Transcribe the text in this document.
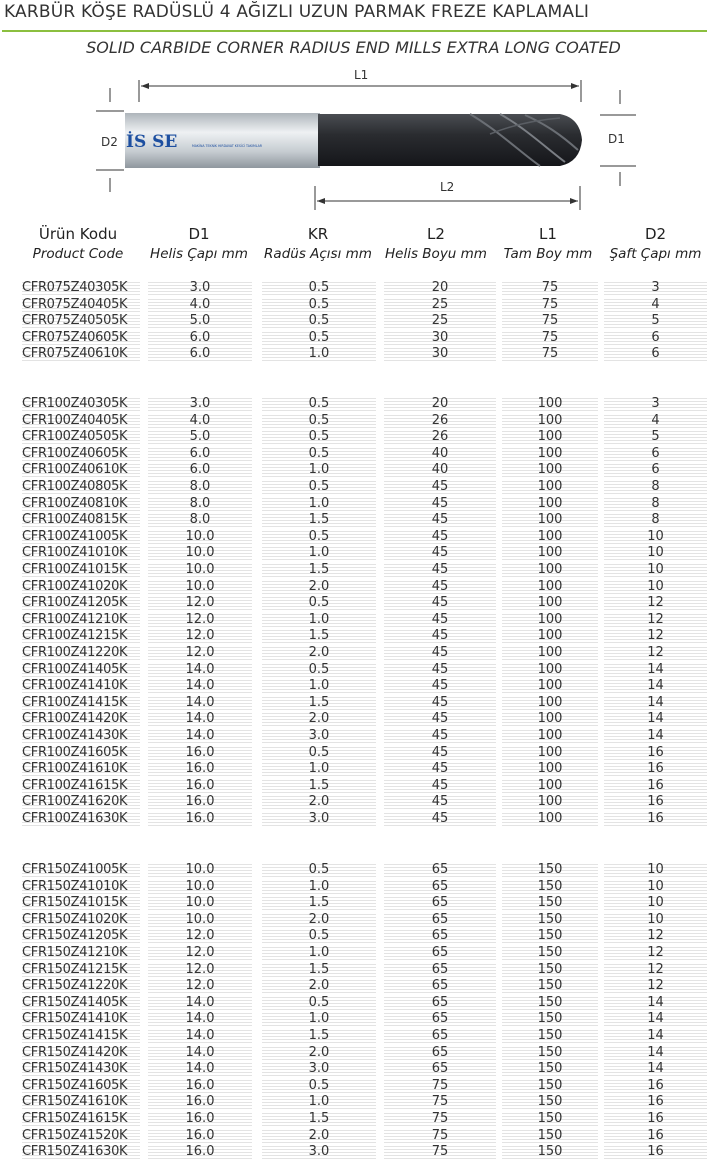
KARBÜR KÖŞE RADÜSLÜ 4 AĞIZLI UZUN PARMAK FREZE KAPLAMALI
SOLID CARBIDE CORNER RADIUS END MILLS EXTRA LONG COATED
İS SE	MAKİNA TEKNİK HIRDAVAT KESİCİ TAKIMLAR
L1
D2	D1
L2
Ürün Kodu
Product Code
D1
Helis Çapı mm
KR
Radüs Açısı mm
L2
Helis Boyu mm
L1
Tam Boy mm
D2
Şaft Çapı mm
CFR075Z40305K	3.0	0.5	20	75	3
CFR075Z40405K	4.0	0.5	25	75	4
CFR075Z40505K	5.0	0.5	25	75	5
CFR075Z40605K	6.0	0.5	30	75	6
CFR075Z40610K	6.0	1.0	30	75	6
CFR100Z40305K	3.0	0.5	20	100	3
CFR100Z40405K	4.0	0.5	26	100	4
CFR100Z40505K	5.0	0.5	26	100	5
CFR100Z40605K	6.0	0.5	40	100	6
CFR100Z40610K	6.0	1.0	40	100	6
CFR100Z40805K	8.0	0.5	45	100	8
CFR100Z40810K	8.0	1.0	45	100	8
CFR100Z40815K	8.0	1.5	45	100	8
CFR100Z41005K	10.0	0.5	45	100	10
CFR100Z41010K	10.0	1.0	45	100	10
CFR100Z41015K	10.0	1.5	45	100	10
CFR100Z41020K	10.0	2.0	45	100	10
CFR100Z41205K	12.0	0.5	45	100	12
CFR100Z41210K	12.0	1.0	45	100	12
CFR100Z41215K	12.0	1.5	45	100	12
CFR100Z41220K	12.0	2.0	45	100	12
CFR100Z41405K	14.0	0.5	45	100	14
CFR100Z41410K	14.0	1.0	45	100	14
CFR100Z41415K	14.0	1.5	45	100	14
CFR100Z41420K	14.0	2.0	45	100	14
CFR100Z41430K	14.0	3.0	45	100	14
CFR100Z41605K	16.0	0.5	45	100	16
CFR100Z41610K	16.0	1.0	45	100	16
CFR100Z41615K	16.0	1.5	45	100	16
CFR100Z41620K	16.0	2.0	45	100	16
CFR100Z41630K	16.0	3.0	45	100	16
CFR150Z41005K	10.0	0.5	65	150	10
CFR150Z41010K	10.0	1.0	65	150	10
CFR150Z41015K	10.0	1.5	65	150	10
CFR150Z41020K	10.0	2.0	65	150	10
CFR150Z41205K	12.0	0.5	65	150	12
CFR150Z41210K	12.0	1.0	65	150	12
CFR150Z41215K	12.0	1.5	65	150	12
CFR150Z41220K	12.0	2.0	65	150	12
CFR150Z41405K	14.0	0.5	65	150	14
CFR150Z41410K	14.0	1.0	65	150	14
CFR150Z41415K	14.0	1.5	65	150	14
CFR150Z41420K	14.0	2.0	65	150	14
CFR150Z41430K	14.0	3.0	65	150	14
CFR150Z41605K	16.0	0.5	75	150	16
CFR150Z41610K	16.0	1.0	75	150	16
CFR150Z41615K	16.0	1.5	75	150	16
CFR150Z41520K	16.0	2.0	75	150	16
CFR150Z41630K	16.0	3.0	75	150	16
